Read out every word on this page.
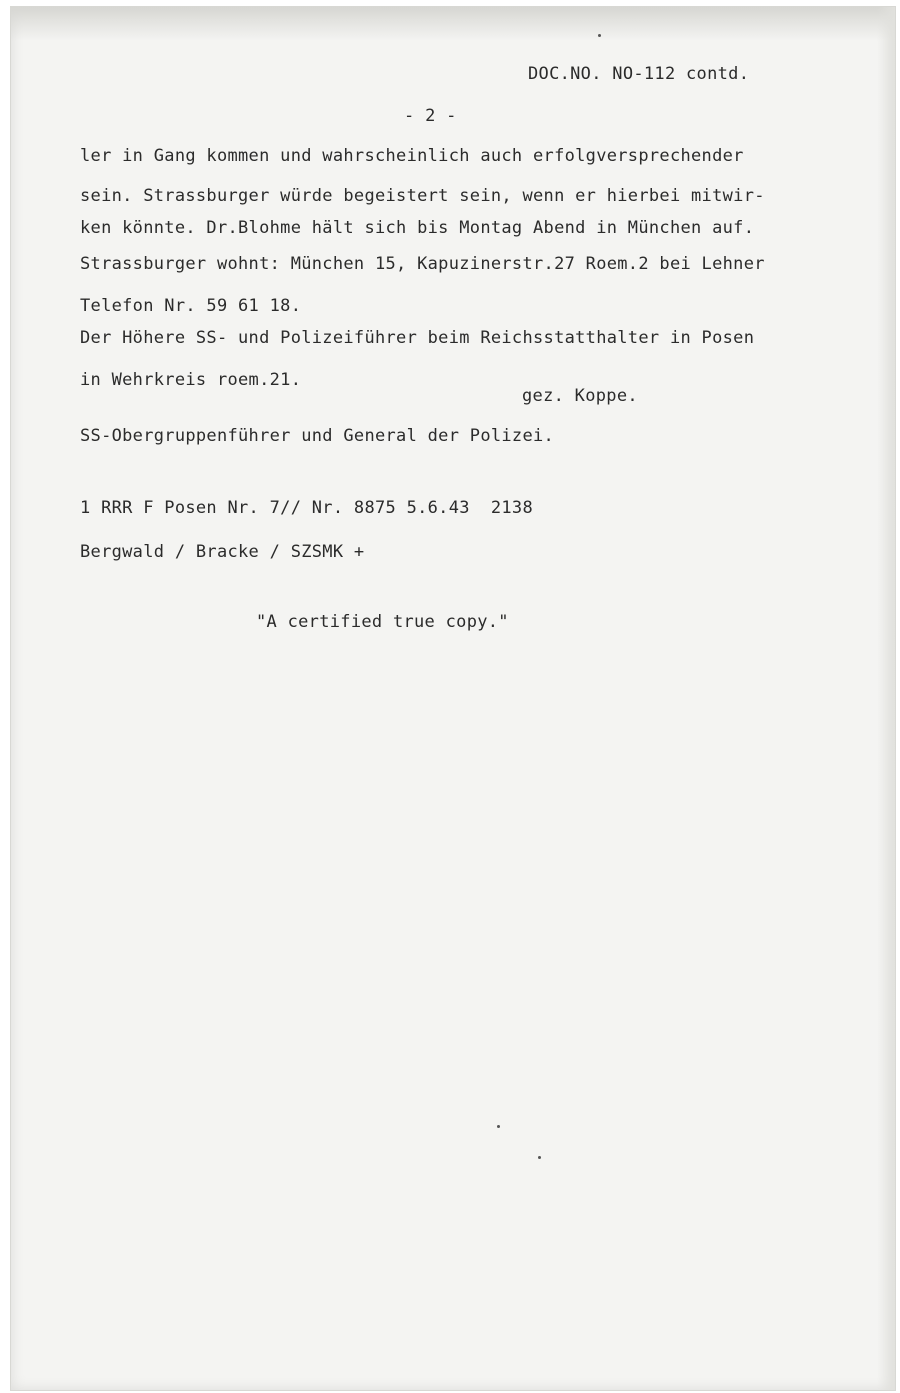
DOC.NO. NO-112 contd.

- 2 -

ler in Gang kommen und wahrscheinlich auch erfolgversprechender

sein. Strassburger würde begeistert sein, wenn er hierbei mitwir-

ken könnte. Dr.Blohme hält sich bis Montag Abend in München auf.

Strassburger wohnt: München 15, Kapuzinerstr.27 Roem.2 bei Lehner

Telefon Nr. 59 61 18.

Der Höhere SS- und Polizeiführer beim Reichsstatthalter in Posen

in Wehrkreis roem.21.

gez. Koppe.

SS-Obergruppenführer und General der Polizei.

1 RRR F Posen Nr. 7// Nr. 8875 5.6.43  2138

Bergwald / Bracke / SZSMK +

"A certified true copy."
